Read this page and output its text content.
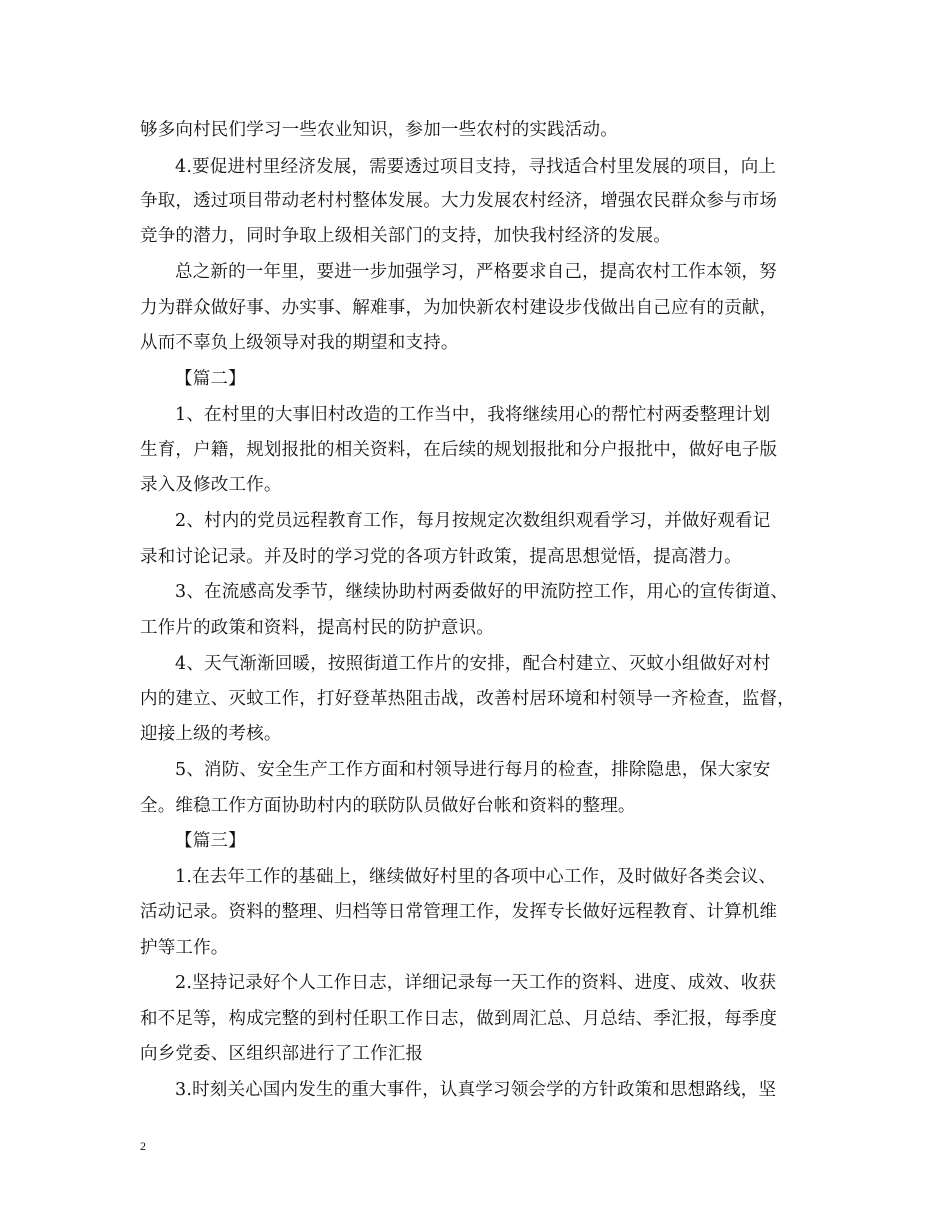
够多向村民们学习一些农业知识，参加一些农村的实践活动。
4.要促进村里经济发展，需要透过项目支持，寻找适合村里发展的项目，向上
争取，透过项目带动老村村整体发展。大力发展农村经济，增强农民群众参与市场
竞争的潜力，同时争取上级相关部门的支持，加快我村经济的发展。
总之新的一年里，要进一步加强学习，严格要求自己，提高农村工作本领，努
力为群众做好事、办实事、解难事，为加快新农村建设步伐做出自己应有的贡献，
从而不辜负上级领导对我的期望和支持。
【篇二】
1、在村里的大事旧村改造的工作当中，我将继续用心的帮忙村两委整理计划
生育，户籍，规划报批的相关资料，在后续的规划报批和分户报批中，做好电子版
录入及修改工作。
2、村内的党员远程教育工作，每月按规定次数组织观看学习，并做好观看记
录和讨论记录。并及时的学习党的各项方针政策，提高思想觉悟，提高潜力。
3、在流感高发季节，继续协助村两委做好的甲流防控工作，用心的宣传街道、
工作片的政策和资料，提高村民的防护意识。
4、天气渐渐回暖，按照街道工作片的安排，配合村建立、灭蚊小组做好对村
内的建立、灭蚊工作，打好登革热阻击战，改善村居环境和村领导一齐检查，监督，
迎接上级的考核。
5、消防、安全生产工作方面和村领导进行每月的检查，排除隐患，保大家安
全。维稳工作方面协助村内的联防队员做好台帐和资料的整理。
【篇三】
1.在去年工作的基础上，继续做好村里的各项中心工作，及时做好各类会议、
活动记录。资料的整理、归档等日常管理工作，发挥专长做好远程教育、计算机维
护等工作。
2.坚持记录好个人工作日志，详细记录每一天工作的资料、进度、成效、收获
和不足等，构成完整的到村任职工作日志，做到周汇总、月总结、季汇报，每季度
向乡党委、区组织部进行了工作汇报
3.时刻关心国内发生的重大事件，认真学习领会学的方针政策和思想路线，坚
2
